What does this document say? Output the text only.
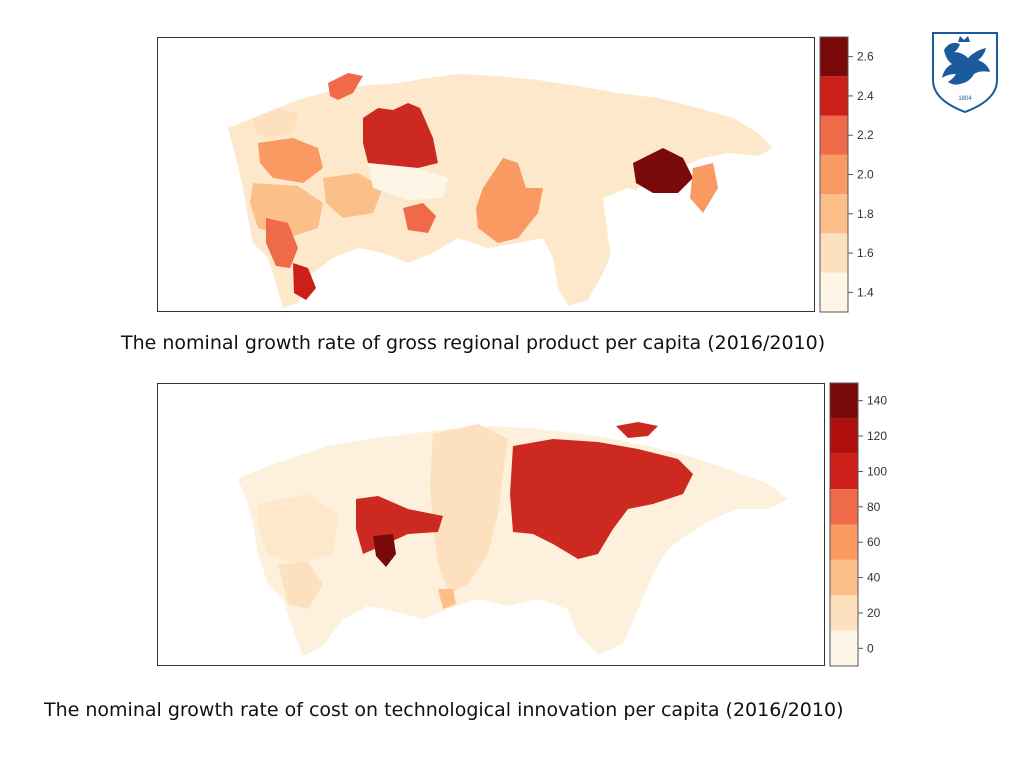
1.4
1.6
1.8
2.0
2.2
2.4
2.6
The nominal growth rate of gross regional product per capita (2016/2010)
0
20
40
60
80
100
120
140
The nominal growth rate of cost on technological innovation per capita (2016/2010)
1804
